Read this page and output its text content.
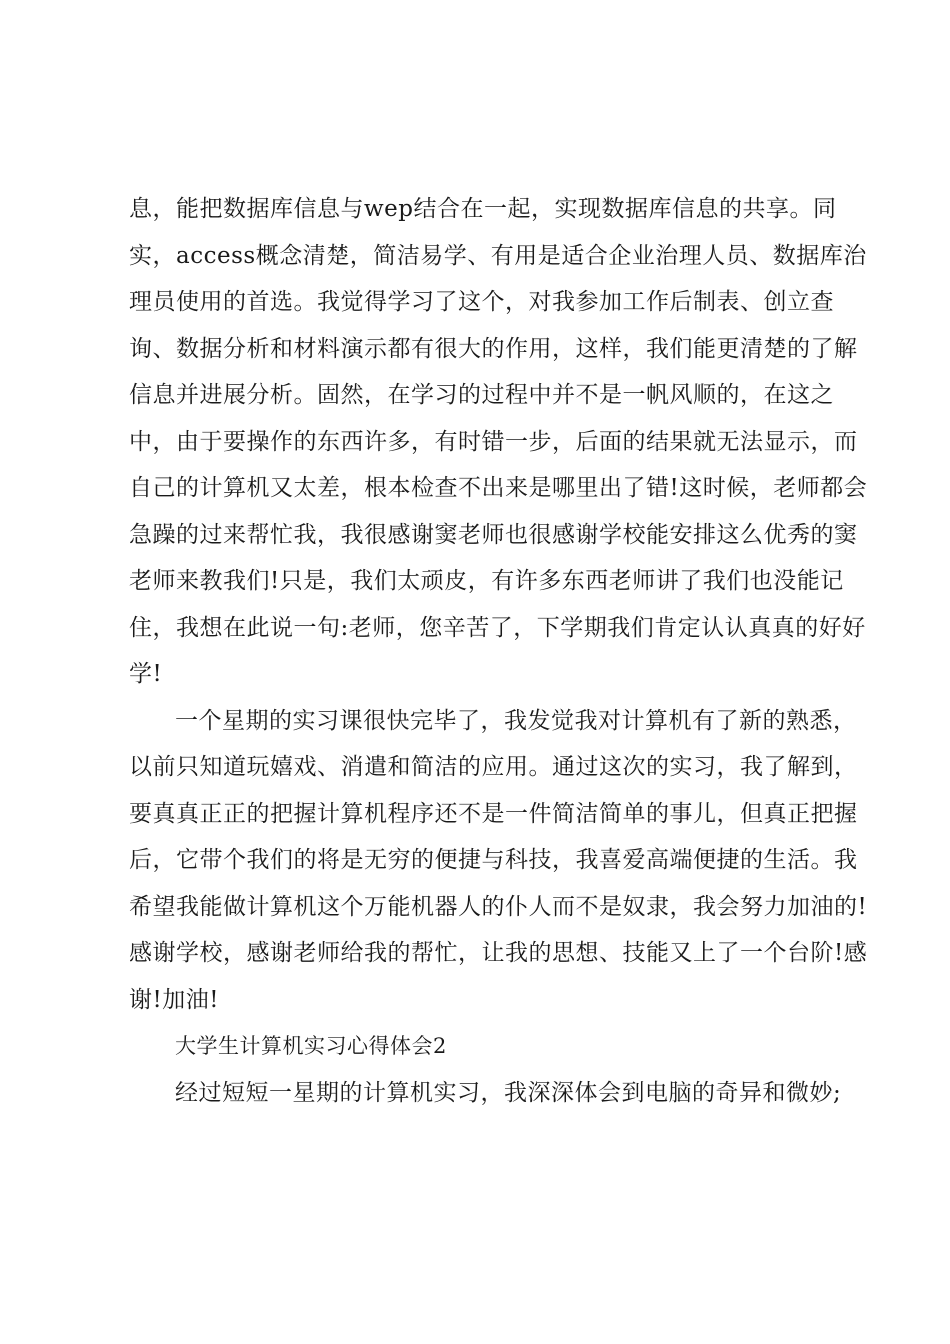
息，能把数据库信息与wep结合在一起，实现数据库信息的共享。同
实，access概念清楚，简洁易学、有用是适合企业治理人员、数据库治
理员使用的首选。我觉得学习了这个，对我参加工作后制表、创立查
询、数据分析和材料演示都有很大的作用，这样，我们能更清楚的了解
信息并进展分析。固然，在学习的过程中并不是一帆风顺的，在这之
中，由于要操作的东西许多，有时错一步，后面的结果就无法显示，而
自己的计算机又太差，根本检查不出来是哪里出了错!这时候，老师都会
急躁的过来帮忙我，我很感谢窦老师也很感谢学校能安排这么优秀的窦
老师来教我们!只是，我们太顽皮，有许多东西老师讲了我们也没能记
住，我想在此说一句:老师，您辛苦了，下学期我们肯定认认真真的好好
学!
一个星期的实习课很快完毕了，我发觉我对计算机有了新的熟悉，
以前只知道玩嬉戏、消遣和简洁的应用。通过这次的实习，我了解到，
要真真正正的把握计算机程序还不是一件简洁简单的事儿，但真正把握
后，它带个我们的将是无穷的便捷与科技，我喜爱高端便捷的生活。我
希望我能做计算机这个万能机器人的仆人而不是奴隶，我会努力加油的!
感谢学校，感谢老师给我的帮忙，让我的思想、技能又上了一个台阶!感
谢!加油!
大学生计算机实习心得体会2
经过短短一星期的计算机实习，我深深体会到电脑的奇异和微妙;
